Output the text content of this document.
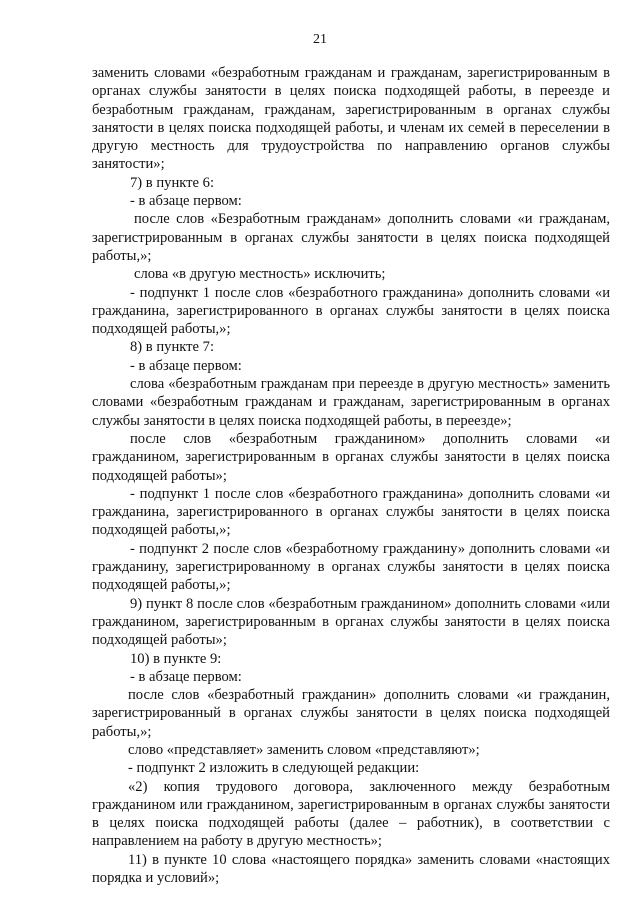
21

заменить словами «безработным гражданам и гражданам, зарегистрированным в органах службы занятости в целях поиска подходящей работы, в переезде и безработным гражданам, гражданам, зарегистрированным в органах службы занятости в целях поиска подходящей работы, и членам их семей в переселении в другую местность для трудоустройства по направлению органов службы занятости»;

7) в пункте 6:

- в абзаце первом:

после слов «Безработным гражданам» дополнить словами «и гражданам, зарегистрированным в органах службы занятости в целях поиска подходящей работы,»;

слова «в другую местность» исключить;

- подпункт 1 после слов «безработного гражданина» дополнить словами «и гражданина, зарегистрированного в органах службы занятости в целях поиска подходящей работы,»;

8) в пункте 7:

- в абзаце первом:

слова «безработным гражданам при переезде в другую местность» заменить словами «безработным гражданам и гражданам, зарегистрированным в органах службы занятости в целях поиска подходящей работы, в переезде»;

после слов «безработным гражданином» дополнить словами «и гражданином, зарегистрированным в органах службы занятости в целях поиска подходящей работы»;

- подпункт 1 после слов «безработного гражданина» дополнить словами «и гражданина, зарегистрированного в органах службы занятости в целях поиска подходящей работы,»;

- подпункт 2 после слов «безработному гражданину» дополнить словами «и гражданину, зарегистрированному в органах службы занятости в целях поиска подходящей работы,»;

9) пункт 8 после слов «безработным гражданином» дополнить словами «или гражданином, зарегистрированным в органах службы занятости в целях поиска подходящей работы»;

10) в пункте 9:

- в абзаце первом:

после слов «безработный гражданин» дополнить словами «и гражданин, зарегистрированный в органах службы занятости в целях поиска подходящей работы,»;

слово «представляет» заменить словом «представляют»;

- подпункт 2 изложить в следующей редакции:

«2) копия трудового договора, заключенного между безработным гражданином или гражданином, зарегистрированным в органах службы занятости в целях поиска подходящей работы (далее – работник), в соответствии с направлением на работу в другую местность»;

11) в пункте 10 слова «настоящего порядка» заменить словами «настоящих порядка и условий»;
